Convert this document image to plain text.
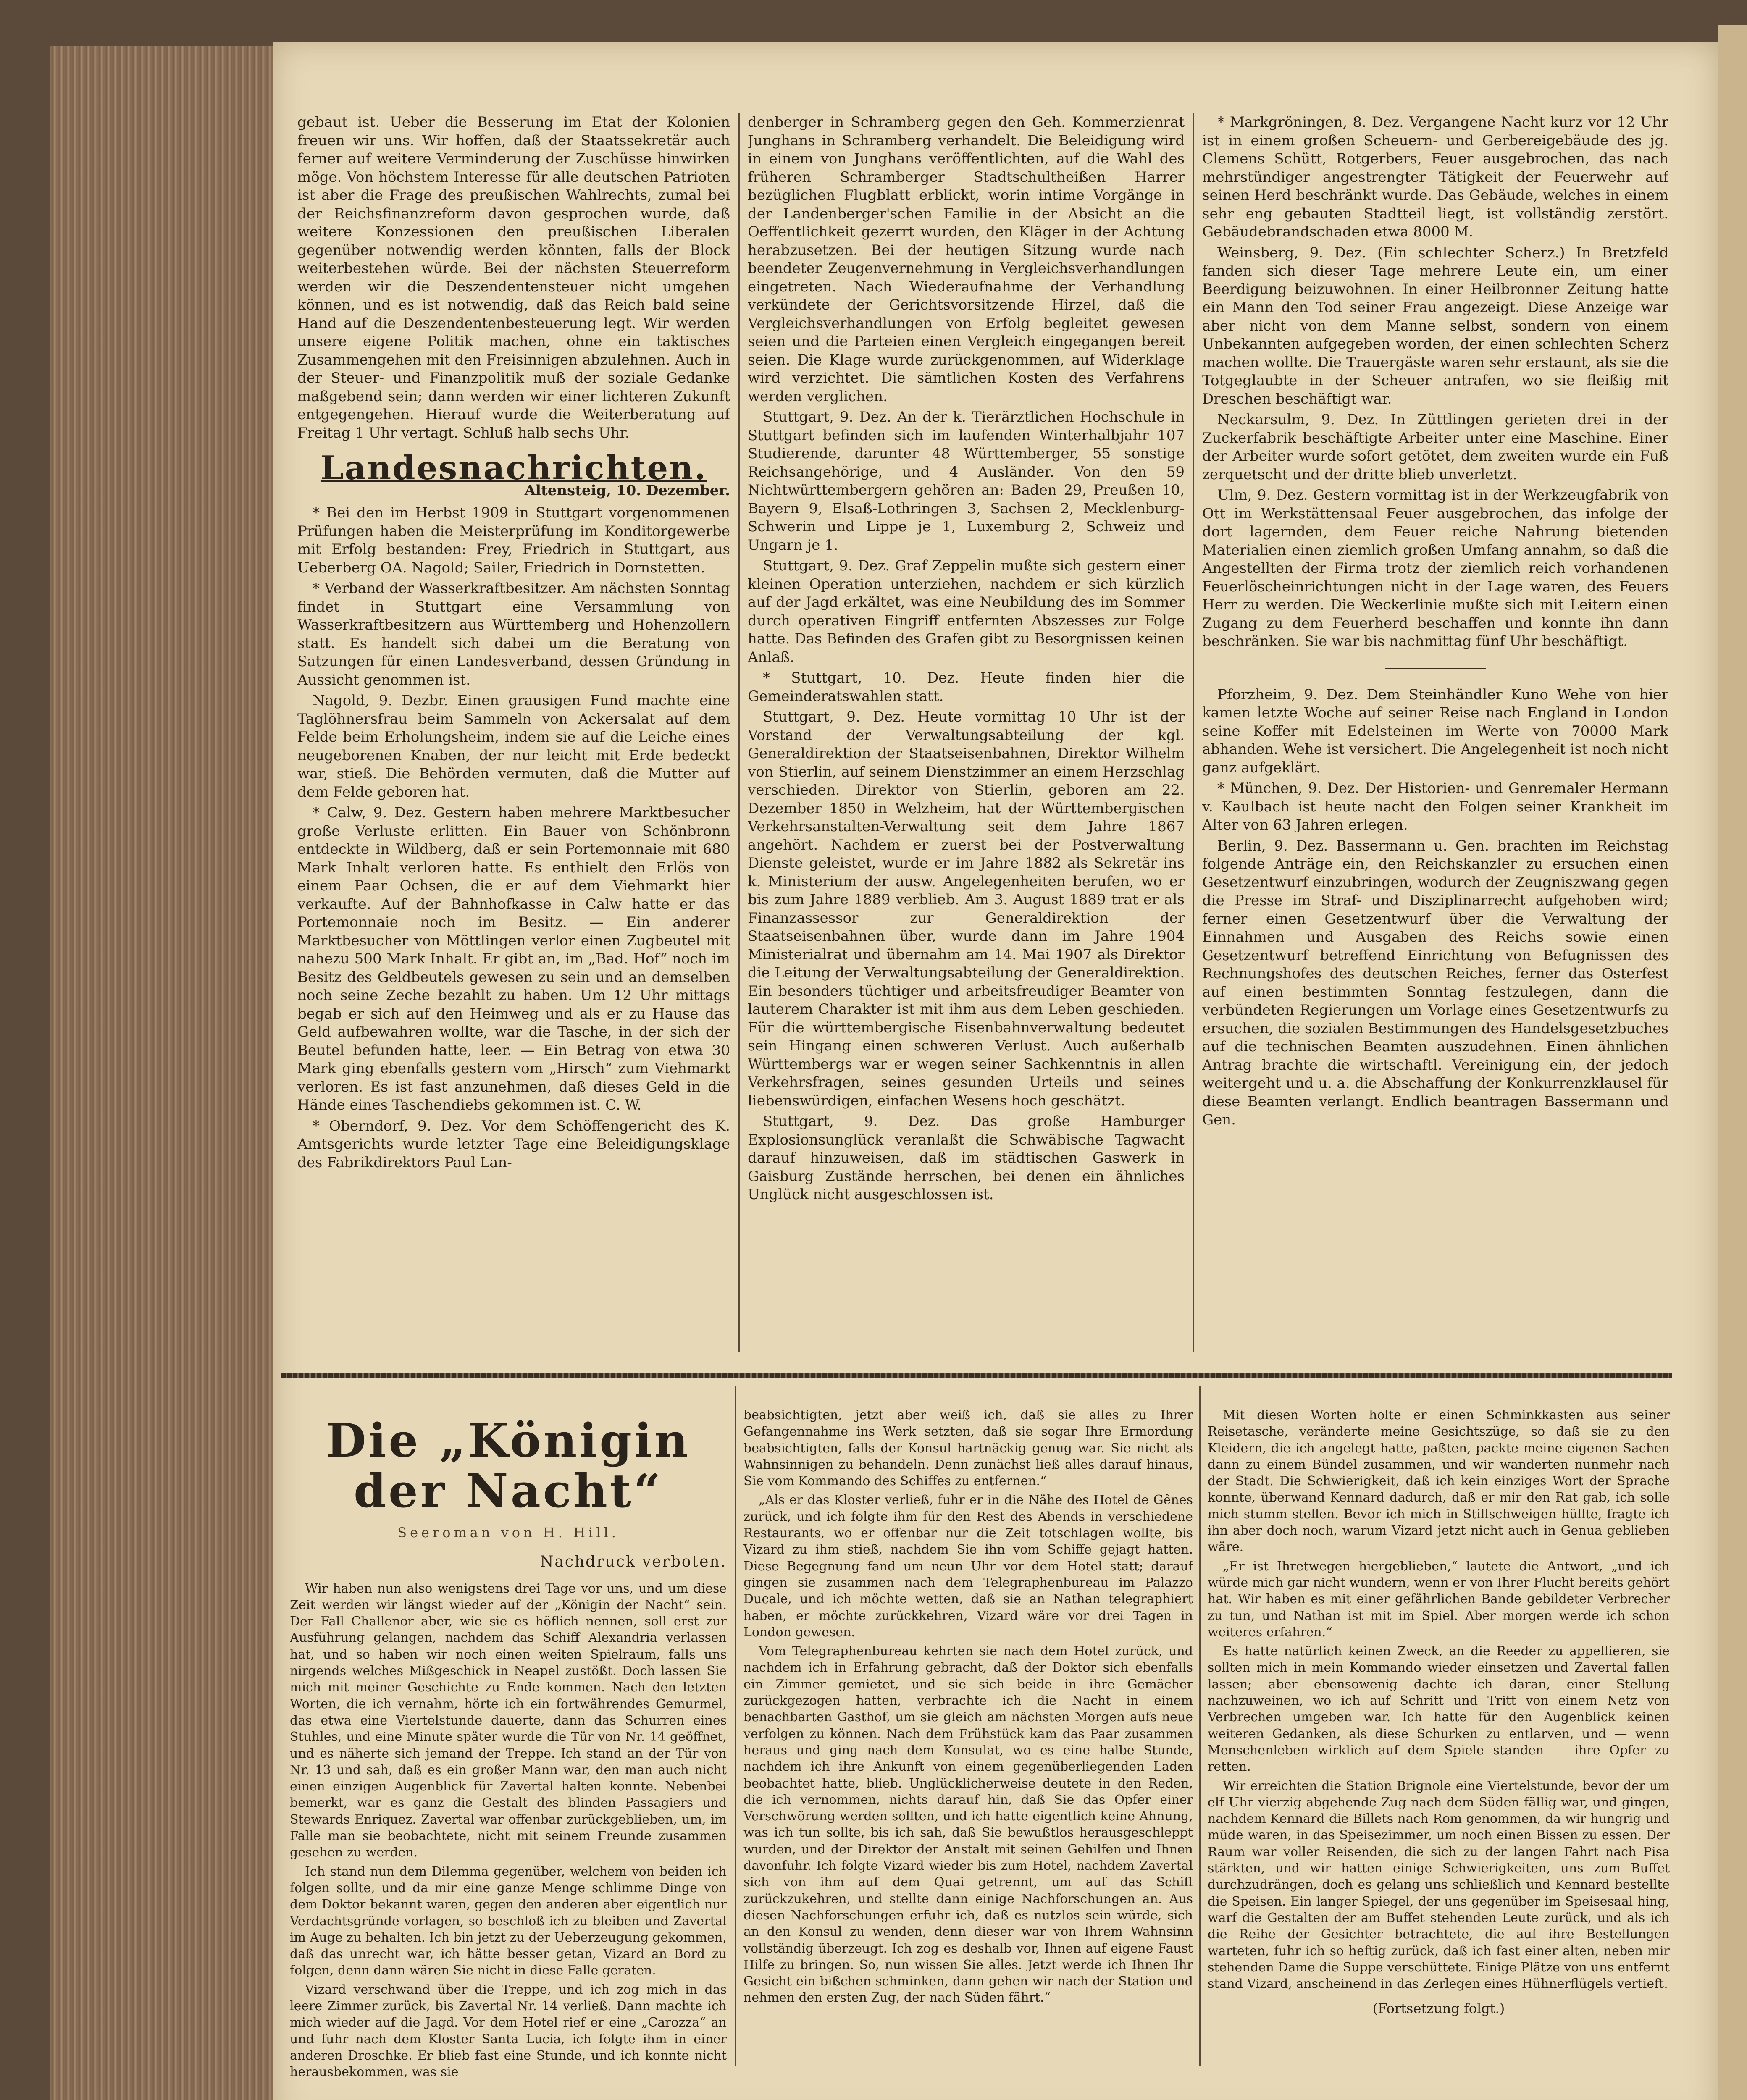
gebaut ist. Ueber die Besserung im Etat der Kolonien freuen wir uns. Wir hoffen, daß der Staatssekretär auch ferner auf weitere Verminderung der Zuschüsse hinwirken möge. Von höchstem Interesse für alle deutschen Patrioten ist aber die Frage des preußischen Wahlrechts, zumal bei der Reichsfinanzreform davon gesprochen wurde, daß weitere Konzessionen den preußischen Liberalen gegenüber notwendig werden könnten, falls der Block weiterbestehen würde. Bei der nächsten Steuerreform werden wir die Deszendentensteuer nicht umgehen können, und es ist notwendig, daß das Reich bald seine Hand auf die Deszendentenbesteuerung legt. Wir werden unsere eigene Politik machen, ohne ein taktisches Zusammengehen mit den Freisinnigen abzulehnen. Auch in der Steuer- und Finanzpolitik muß der soziale Gedanke maßgebend sein; dann werden wir einer lichteren Zukunft entgegengehen. Hierauf wurde die Weiterberatung auf Freitag 1 Uhr vertagt. Schluß halb sechs Uhr.

Landesnachrichten.
Altensteig, 10. Dezember.

* Bei den im Herbst 1909 in Stuttgart vorgenommenen Prüfungen haben die Meisterprüfung im Konditorgewerbe mit Erfolg bestanden: Frey, Friedrich in Stuttgart, aus Ueberberg OA. Nagold; Sailer, Friedrich in Dornstetten.

* Verband der Wasserkraftbesitzer. Am nächsten Sonntag findet in Stuttgart eine Versammlung von Wasserkraftbesitzern aus Württemberg und Hohenzollern statt. Es handelt sich dabei um die Beratung von Satzungen für einen Landesverband, dessen Gründung in Aussicht genommen ist.

Nagold, 9. Dezbr. Einen grausigen Fund machte eine Taglöhnersfrau beim Sammeln von Ackersalat auf dem Felde beim Erholungsheim, indem sie auf die Leiche eines neugeborenen Knaben, der nur leicht mit Erde bedeckt war, stieß. Die Behörden vermuten, daß die Mutter auf dem Felde geboren hat.

* Calw, 9. Dez. Gestern haben mehrere Marktbesucher große Verluste erlitten. Ein Bauer von Schönbronn entdeckte in Wildberg, daß er sein Portemonnaie mit 680 Mark Inhalt verloren hatte. Es enthielt den Erlös von einem Paar Ochsen, die er auf dem Viehmarkt hier verkaufte. Auf der Bahnhofkasse in Calw hatte er das Portemonnaie noch im Besitz. — Ein anderer Marktbesucher von Möttlingen verlor einen Zugbeutel mit nahezu 500 Mark Inhalt. Er gibt an, im „Bad. Hof“ noch im Besitz des Geldbeutels gewesen zu sein und an demselben noch seine Zeche bezahlt zu haben. Um 12 Uhr mittags begab er sich auf den Heimweg und als er zu Hause das Geld aufbewahren wollte, war die Tasche, in der sich der Beutel befunden hatte, leer. — Ein Betrag von etwa 30 Mark ging ebenfalls gestern vom „Hirsch“ zum Viehmarkt verloren. Es ist fast anzunehmen, daß dieses Geld in die Hände eines Taschendiebs gekommen ist. C. W.

* Oberndorf, 9. Dez. Vor dem Schöffengericht des K. Amtsgerichts wurde letzter Tage eine Beleidigungsklage des Fabrikdirektors Paul Lan-

denberger in Schramberg gegen den Geh. Kommerzienrat Junghans in Schramberg verhandelt. Die Beleidigung wird in einem von Junghans veröffentlichten, auf die Wahl des früheren Schramberger Stadtschultheißen Harrer bezüglichen Flugblatt erblickt, worin intime Vorgänge in der Landenberger'schen Familie in der Absicht an die Oeffentlichkeit gezerrt wurden, den Kläger in der Achtung herabzusetzen. Bei der heutigen Sitzung wurde nach beendeter Zeugenvernehmung in Vergleichsverhandlungen eingetreten. Nach Wiederaufnahme der Verhandlung verkündete der Gerichtsvorsitzende Hirzel, daß die Vergleichsverhandlungen von Erfolg begleitet gewesen seien und die Parteien einen Vergleich eingegangen bereit seien. Die Klage wurde zurückgenommen, auf Widerklage wird verzichtet. Die sämtlichen Kosten des Verfahrens werden verglichen.

Stuttgart, 9. Dez. An der k. Tierärztlichen Hochschule in Stuttgart befinden sich im laufenden Winterhalbjahr 107 Studierende, darunter 48 Württemberger, 55 sonstige Reichsangehörige, und 4 Ausländer. Von den 59 Nichtwürttembergern gehören an: Baden 29, Preußen 10, Bayern 9, Elsaß-Lothringen 3, Sachsen 2, Mecklenburg-Schwerin und Lippe je 1, Luxemburg 2, Schweiz und Ungarn je 1.

Stuttgart, 9. Dez. Graf Zeppelin mußte sich gestern einer kleinen Operation unterziehen, nachdem er sich kürzlich auf der Jagd erkältet, was eine Neubildung des im Sommer durch operativen Eingriff entfernten Abszesses zur Folge hatte. Das Befinden des Grafen gibt zu Besorgnissen keinen Anlaß.

* Stuttgart, 10. Dez. Heute finden hier die Gemeinderatswahlen statt.

Stuttgart, 9. Dez. Heute vormittag 10 Uhr ist der Vorstand der Verwaltungsabteilung der kgl. Generaldirektion der Staatseisenbahnen, Direktor Wilhelm von Stierlin, auf seinem Dienstzimmer an einem Herzschlag verschieden. Direktor von Stierlin, geboren am 22. Dezember 1850 in Welzheim, hat der Württembergischen Verkehrsanstalten-Verwaltung seit dem Jahre 1867 angehört. Nachdem er zuerst bei der Postverwaltung Dienste geleistet, wurde er im Jahre 1882 als Sekretär ins k. Ministerium der ausw. Angelegenheiten berufen, wo er bis zum Jahre 1889 verblieb. Am 3. August 1889 trat er als Finanzassessor zur Generaldirektion der Staatseisenbahnen über, wurde dann im Jahre 1904 Ministerialrat und übernahm am 14. Mai 1907 als Direktor die Leitung der Verwaltungsabteilung der Generaldirektion. Ein besonders tüchtiger und arbeitsfreudiger Beamter von lauterem Charakter ist mit ihm aus dem Leben geschieden. Für die württembergische Eisenbahnverwaltung bedeutet sein Hingang einen schweren Verlust. Auch außerhalb Württembergs war er wegen seiner Sachkenntnis in allen Verkehrsfragen, seines gesunden Urteils und seines liebenswürdigen, einfachen Wesens hoch geschätzt.

Stuttgart, 9. Dez. Das große Hamburger Explosionsunglück veranlaßt die Schwäbische Tagwacht darauf hinzuweisen, daß im städtischen Gaswerk in Gaisburg Zustände herrschen, bei denen ein ähnliches Unglück nicht ausgeschlossen ist.

* Markgröningen, 8. Dez. Vergangene Nacht kurz vor 12 Uhr ist in einem großen Scheuern- und Gerbereigebäude des jg. Clemens Schütt, Rotgerbers, Feuer ausgebrochen, das nach mehrstündiger angestrengter Tätigkeit der Feuerwehr auf seinen Herd beschränkt wurde. Das Gebäude, welches in einem sehr eng gebauten Stadtteil liegt, ist vollständig zerstört. Gebäudebrandschaden etwa 8000 M.

Weinsberg, 9. Dez. (Ein schlechter Scherz.) In Bretzfeld fanden sich dieser Tage mehrere Leute ein, um einer Beerdigung beizuwohnen. In einer Heilbronner Zeitung hatte ein Mann den Tod seiner Frau angezeigt. Diese Anzeige war aber nicht von dem Manne selbst, sondern von einem Unbekannten aufgegeben worden, der einen schlechten Scherz machen wollte. Die Trauergäste waren sehr erstaunt, als sie die Totgeglaubte in der Scheuer antrafen, wo sie fleißig mit Dreschen beschäftigt war.

Neckarsulm, 9. Dez. In Züttlingen gerieten drei in der Zuckerfabrik beschäftigte Arbeiter unter eine Maschine. Einer der Arbeiter wurde sofort getötet, dem zweiten wurde ein Fuß zerquetscht und der dritte blieb unverletzt.

Ulm, 9. Dez. Gestern vormittag ist in der Werkzeugfabrik von Ott im Werkstättensaal Feuer ausgebrochen, das infolge der dort lagernden, dem Feuer reiche Nahrung bietenden Materialien einen ziemlich großen Umfang annahm, so daß die Angestellten der Firma trotz der ziemlich reich vorhandenen Feuerlöscheinrichtungen nicht in der Lage waren, des Feuers Herr zu werden. Die Weckerlinie mußte sich mit Leitern einen Zugang zu dem Feuerherd beschaffen und konnte ihn dann beschränken. Sie war bis nachmittag fünf Uhr beschäftigt.

Pforzheim, 9. Dez. Dem Steinhändler Kuno Wehe von hier kamen letzte Woche auf seiner Reise nach England in London seine Koffer mit Edelsteinen im Werte von 70000 Mark abhanden. Wehe ist versichert. Die Angelegenheit ist noch nicht ganz aufgeklärt.

* München, 9. Dez. Der Historien- und Genremaler Hermann v. Kaulbach ist heute nacht den Folgen seiner Krankheit im Alter von 63 Jahren erlegen.

Berlin, 9. Dez. Bassermann u. Gen. brachten im Reichstag folgende Anträge ein, den Reichskanzler zu ersuchen einen Gesetzentwurf einzubringen, wodurch der Zeugniszwang gegen die Presse im Straf- und Disziplinarrecht aufgehoben wird; ferner einen Gesetzentwurf über die Verwaltung der Einnahmen und Ausgaben des Reichs sowie einen Gesetzentwurf betreffend Einrichtung von Befugnissen des Rechnungshofes des deutschen Reiches, ferner das Osterfest auf einen bestimmten Sonntag festzulegen, dann die verbündeten Regierungen um Vorlage eines Gesetzentwurfs zu ersuchen, die sozialen Bestimmungen des Handelsgesetzbuches auf die technischen Beamten auszudehnen. Einen ähnlichen Antrag brachte die wirtschaftl. Vereinigung ein, der jedoch weitergeht und u. a. die Abschaffung der Konkurrenzklausel für diese Beamten verlangt. Endlich beantragen Bassermann und Gen.

Die „Königin der Nacht“
Seeroman von H. Hill.
Nachdruck verboten.

Wir haben nun also wenigstens drei Tage vor uns, und um diese Zeit werden wir längst wieder auf der „Königin der Nacht“ sein. Der Fall Challenor aber, wie sie es höflich nennen, soll erst zur Ausführung gelangen, nachdem das Schiff Alexandria verlassen hat, und so haben wir noch einen weiten Spielraum, falls uns nirgends welches Mißgeschick in Neapel zustößt. Doch lassen Sie mich mit meiner Geschichte zu Ende kommen. Nach den letzten Worten, die ich vernahm, hörte ich ein fortwährendes Gemurmel, das etwa eine Viertelstunde dauerte, dann das Schurren eines Stuhles, und eine Minute später wurde die Tür von Nr. 14 geöffnet, und es näherte sich jemand der Treppe. Ich stand an der Tür von Nr. 13 und sah, daß es ein großer Mann war, den man auch nicht einen einzigen Augenblick für Zavertal halten konnte. Nebenbei bemerkt, war es ganz die Gestalt des blinden Passagiers und Stewards Enriquez. Zavertal war offenbar zurückgeblieben, um, im Falle man sie beobachtete, nicht mit seinem Freunde zusammen gesehen zu werden.

Ich stand nun dem Dilemma gegenüber, welchem von beiden ich folgen sollte, und da mir eine ganze Menge schlimme Dinge von dem Doktor bekannt waren, gegen den anderen aber eigentlich nur Verdachtsgründe vorlagen, so beschloß ich zu bleiben und Zavertal im Auge zu behalten. Ich bin jetzt zu der Ueberzeugung gekommen, daß das unrecht war, ich hätte besser getan, Vizard an Bord zu folgen, denn dann wären Sie nicht in diese Falle geraten.

Vizard verschwand über die Treppe, und ich zog mich in das leere Zimmer zurück, bis Zavertal Nr. 14 verließ. Dann machte ich mich wieder auf die Jagd. Vor dem Hotel rief er eine „Carozza“ an und fuhr nach dem Kloster Santa Lucia, ich folgte ihm in einer anderen Droschke. Er blieb fast eine Stunde, und ich konnte nicht herausbekommen, was sie

beabsichtigten, jetzt aber weiß ich, daß sie alles zu Ihrer Gefangennahme ins Werk setzten, daß sie sogar Ihre Ermordung beabsichtigten, falls der Konsul hartnäckig genug war. Sie nicht als Wahnsinnigen zu behandeln. Denn zunächst ließ alles darauf hinaus, Sie vom Kommando des Schiffes zu entfernen.“

„Als er das Kloster verließ, fuhr er in die Nähe des Hotel de Gênes zurück, und ich folgte ihm für den Rest des Abends in verschiedene Restaurants, wo er offenbar nur die Zeit totschlagen wollte, bis Vizard zu ihm stieß, nachdem Sie ihn vom Schiffe gejagt hatten. Diese Begegnung fand um neun Uhr vor dem Hotel statt; darauf gingen sie zusammen nach dem Telegraphenbureau im Palazzo Ducale, und ich möchte wetten, daß sie an Nathan telegraphiert haben, er möchte zurückkehren, Vizard wäre vor drei Tagen in London gewesen.

Vom Telegraphenbureau kehrten sie nach dem Hotel zurück, und nachdem ich in Erfahrung gebracht, daß der Doktor sich ebenfalls ein Zimmer gemietet, und sie sich beide in ihre Gemächer zurückgezogen hatten, verbrachte ich die Nacht in einem benachbarten Gasthof, um sie gleich am nächsten Morgen aufs neue verfolgen zu können. Nach dem Frühstück kam das Paar zusammen heraus und ging nach dem Konsulat, wo es eine halbe Stunde, nachdem ich ihre Ankunft von einem gegenüberliegenden Laden beobachtet hatte, blieb. Unglücklicherweise deutete in den Reden, die ich vernommen, nichts darauf hin, daß Sie das Opfer einer Verschwörung werden sollten, und ich hatte eigentlich keine Ahnung, was ich tun sollte, bis ich sah, daß Sie bewußtlos herausgeschleppt wurden, und der Direktor der Anstalt mit seinen Gehilfen und Ihnen davonfuhr. Ich folgte Vizard wieder bis zum Hotel, nachdem Zavertal sich von ihm auf dem Quai getrennt, um auf das Schiff zurückzukehren, und stellte dann einige Nachforschungen an. Aus diesen Nachforschungen erfuhr ich, daß es nutzlos sein würde, sich an den Konsul zu wenden, denn dieser war von Ihrem Wahnsinn vollständig überzeugt. Ich zog es deshalb vor, Ihnen auf eigene Faust Hilfe zu bringen. So, nun wissen Sie alles. Jetzt werde ich Ihnen Ihr Gesicht ein bißchen schminken, dann gehen wir nach der Station und nehmen den ersten Zug, der nach Süden fährt.“

Mit diesen Worten holte er einen Schminkkasten aus seiner Reisetasche, veränderte meine Gesichtszüge, so daß sie zu den Kleidern, die ich angelegt hatte, paßten, packte meine eigenen Sachen dann zu einem Bündel zusammen, und wir wanderten nunmehr nach der Stadt. Die Schwierigkeit, daß ich kein einziges Wort der Sprache konnte, überwand Kennard dadurch, daß er mir den Rat gab, ich solle mich stumm stellen. Bevor ich mich in Stillschweigen hüllte, fragte ich ihn aber doch noch, warum Vizard jetzt nicht auch in Genua geblieben wäre.

„Er ist Ihretwegen hiergeblieben,“ lautete die Antwort, „und ich würde mich gar nicht wundern, wenn er von Ihrer Flucht bereits gehört hat. Wir haben es mit einer gefährlichen Bande gebildeter Verbrecher zu tun, und Nathan ist mit im Spiel. Aber morgen werde ich schon weiteres erfahren.“

Es hatte natürlich keinen Zweck, an die Reeder zu appellieren, sie sollten mich in mein Kommando wieder einsetzen und Zavertal fallen lassen; aber ebensowenig dachte ich daran, einer Stellung nachzuweinen, wo ich auf Schritt und Tritt von einem Netz von Verbrechen umgeben war. Ich hatte für den Augenblick keinen weiteren Gedanken, als diese Schurken zu entlarven, und — wenn Menschenleben wirklich auf dem Spiele standen — ihre Opfer zu retten.

Wir erreichten die Station Brignole eine Viertelstunde, bevor der um elf Uhr vierzig abgehende Zug nach dem Süden fällig war, und gingen, nachdem Kennard die Billets nach Rom genommen, da wir hungrig und müde waren, in das Speisezimmer, um noch einen Bissen zu essen. Der Raum war voller Reisenden, die sich zu der langen Fahrt nach Pisa stärkten, und wir hatten einige Schwierigkeiten, uns zum Buffet durchzudrängen, doch es gelang uns schließlich und Kennard bestellte die Speisen. Ein langer Spiegel, der uns gegenüber im Speisesaal hing, warf die Gestalten der am Buffet stehenden Leute zurück, und als ich die Reihe der Gesichter betrachtete, die auf ihre Bestellungen warteten, fuhr ich so heftig zurück, daß ich fast einer alten, neben mir stehenden Dame die Suppe verschüttete. Einige Plätze von uns entfernt stand Vizard, anscheinend in das Zerlegen eines Hühnerflügels vertieft.

(Fortsetzung folgt.)
